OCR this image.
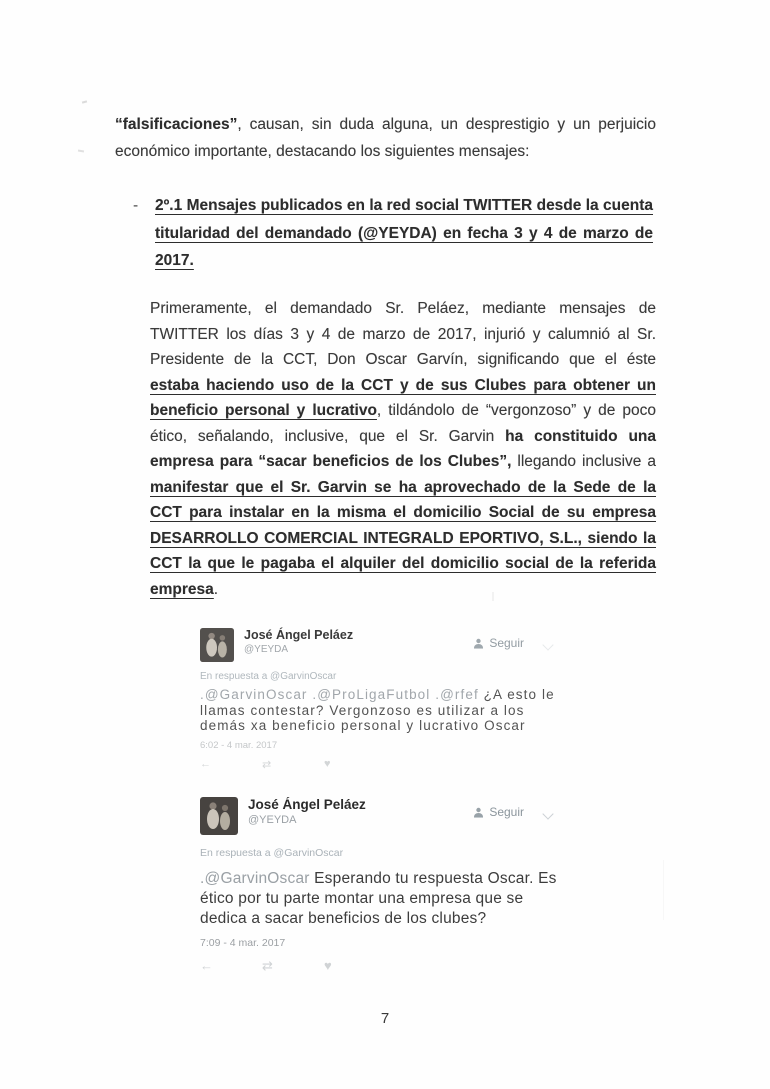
“falsificaciones”, causan, sin duda alguna, un desprestigio y un perjuicio
económico importante, destacando los siguientes mensajes:
- 2º.1 Mensajes publicados en la red social TWITTER desde la cuenta
titularidad del demandado (@YEYDA) en fecha 3 y 4 de marzo de
2017.
Primeramente, el demandado Sr. Peláez, mediante mensajes de
TWITTER los días 3 y 4 de marzo de 2017, injurió y calumnió al Sr.
Presidente de la CCT, Don Oscar Garvín, significando que el éste
estaba haciendo uso de la CCT y de sus Clubes para obtener un
beneficio personal y lucrativo, tildándolo de “vergonzoso” y de poco
ético, señalando, inclusive, que el Sr. Garvin ha constituido una
empresa para “sacar beneficios de los Clubes”, llegando inclusive a
manifestar que el Sr. Garvin se ha aprovechado de la Sede de la
CCT para instalar en la misma el domicilio Social de su empresa
DESARROLLO COMERCIAL INTEGRALD EPORTIVO, S.L., siendo la
CCT la que le pagaba el alquiler del domicilio social de la referida
empresa.
José Ángel Peláez
@YEYDA	Seguir
En respuesta a @GarvinOscar
.@GarvinOscar .@ProLigaFutbol .@rfef ¿A esto le llamas contestar? Vergonzoso es utilizar a los demás xa beneficio personal y lucrativo Oscar
6:02 - 4 mar. 2017
←	⇄	♥
José Ángel Peláez
@YEYDA
Seguir
En respuesta a @GarvinOscar
.@GarvinOscar Esperando tu respuesta Oscar. Es ético por tu parte montar una empresa que se dedica a sacar beneficios de los clubes?
7:09 - 4 mar. 2017
←	⇄	♥
7
